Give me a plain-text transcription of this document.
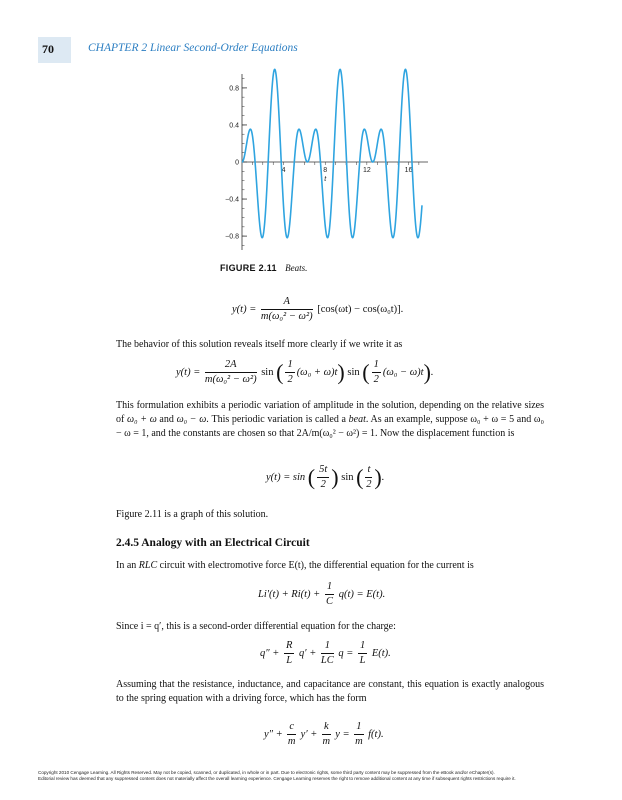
70	CHAPTER 2 Linear Second-Order Equations
0.8
0.4
0
−0.4
−0.8
4	8	12	16
t
FIGURE 2.11 Beats.
$y(t) = \frac{A}{\text{m(ω₀² − ω²)}} [\cos(\omega t) - \cos(\omega_0t)]$.
The behavior of this solution reveals itself more clearly if we write it as
$y(t) = \frac{2A}{\text{m(ω₀² − ω²)}}$ sin ( $\frac{1}{2} (\omega_0 + \omega)t$) sin ( $\frac{1}{2} (\omega_0 - \omega)t$).
This formulation exhibits a periodic variation of amplitude in the solution, depending on the relative sizes of ω₀ + ω and ω₀ − ω. This periodic variation is called a beat. As an example, suppose ω₀ + ω = 5 and ω₀ − ω = 1, and the constants are chosen so that 2A/m(ω₀² − ω²) = 1. Now the displacement function is
y(t) = sin ( $\frac{5t}{2}$ ) sin ( $\frac{t}{2}$ ).
Figure 2.11 is a graph of this solution.
2.4.5 Analogy with an Electrical Circuit
In an RLC circuit with electromotive force E(t), the differential equation for the current is
$Li'(t) + Ri(t) + \frac{1}{C} q(t) = E(t)$.
Since i = q′, this is a second-order differential equation for the charge:
$q'' + \frac{R}{L} q' + \frac{1}{LC}$ $q = \frac{1}{L} E(t)$.
Assuming that the resistance, inductance, and capacitance are constant, this equation is exactly analogous to the spring equation with a driving force, which has the form
$y'' + \frac{c}{m} y' + \frac{k}{m}$ $y = \frac{1}{m} f(t)$.
Copyright 2010 Cengage Learning. All Rights Reserved. May not be copied, scanned, or duplicated, in whole or in part. Due to electronic rights, some third party content may be suppressed from the eBook and/or eChapter(s).
Editorial review has deemed that any suppressed content does not materially affect the overall learning experience. Cengage Learning reserves the right to remove additional content at any time if subsequent rights restrictions require it.
